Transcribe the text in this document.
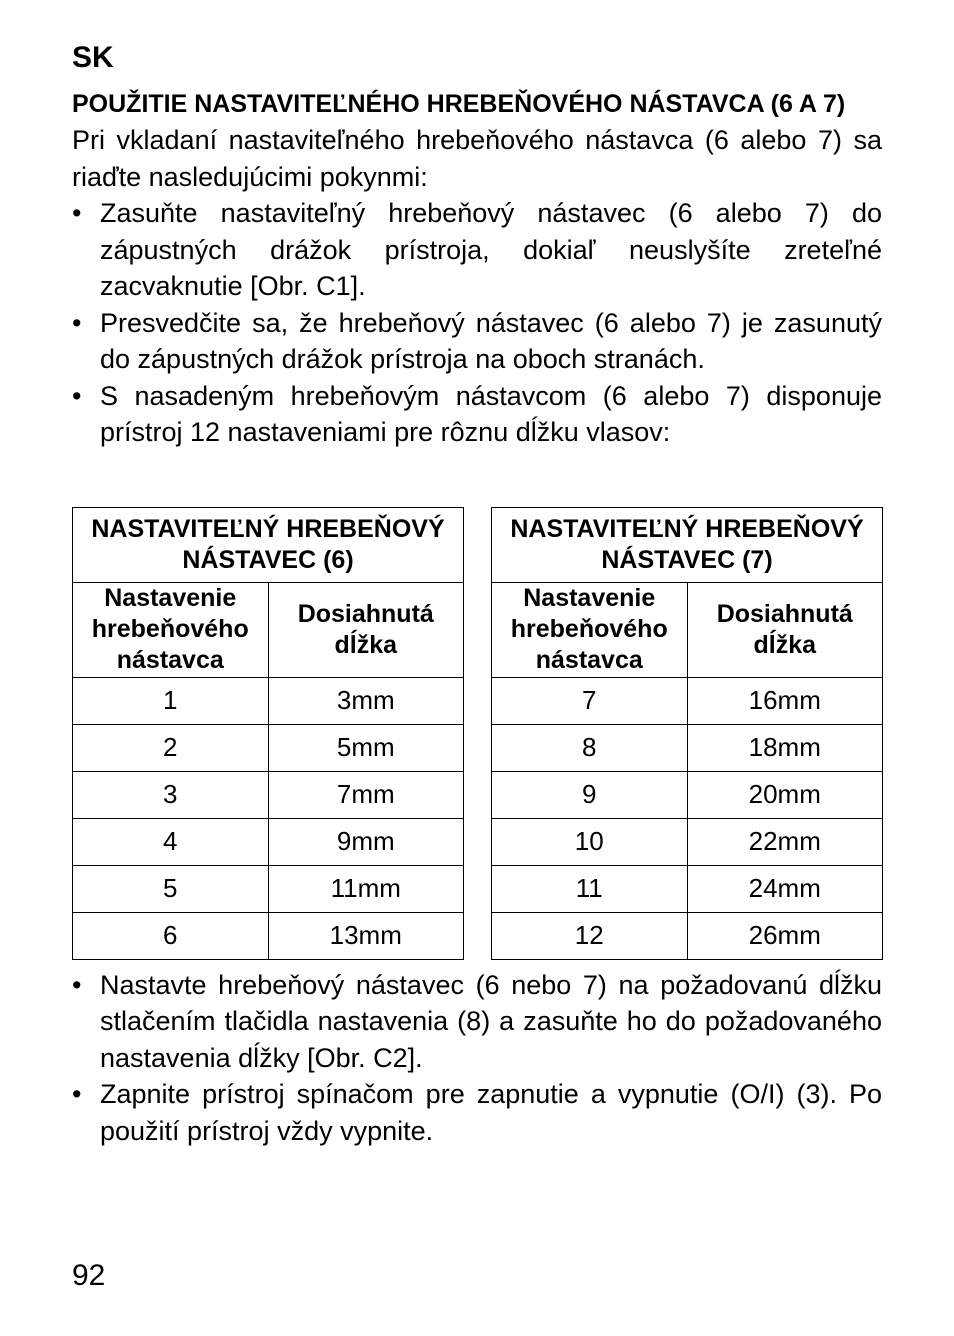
SK
POUŽITIE NASTAVITEĽNÉHO HREBEŇOVÉHO NÁSTAVCA (6 A 7)

Pri vkladaní nastaviteľného hrebeňového nástavca (6 alebo 7) sa riaďte nasledujúcimi pokynmi:

• Zasuňte nastaviteľný hrebeňový nástavec (6 alebo 7) do zápustných drážok prístroja, dokiaľ neuslyšíte zreteľné zacvaknutie [Obr. C1].
• Presvedčite sa, že hrebeňový nástavec (6 alebo 7) je zasunutý do zápustných drážok prístroja na oboch stranách.
• S nasadeným hrebeňovým nástavcom (6 alebo 7) disponuje prístroj 12 nastaveniami pre rôznu dĺžku vlasov:
NASTAVITEĽNÝ HREBEŇOVÝ NÁSTAVEC (6)	
Nastavenie hrebeňového nástavca	Dosiahnutá dĺžka
1	3mm
2	5mm
3	7mm
4	9mm
5	11mm
6	13mm
NASTAVITEĽNÝ HREBEŇOVÝ NÁSTAVEC (7)	
Nastavenie hrebeňového nástavca	Dosiahnutá dĺžka
7	16mm
8	18mm
9	20mm
10	22mm
11	24mm
12	26mm
• Nastavte hrebeňový nástavec (6 nebo 7) na požadovanú dĺžku stlačením tlačidla nastavenia (8) a zasuňte ho do požadovaného nastavenia dĺžky [Obr. C2].
• Zapnite prístroj spínačom pre zapnutie a vypnutie (O/I) (3). Po použití prístroj vždy vypnite.
92
